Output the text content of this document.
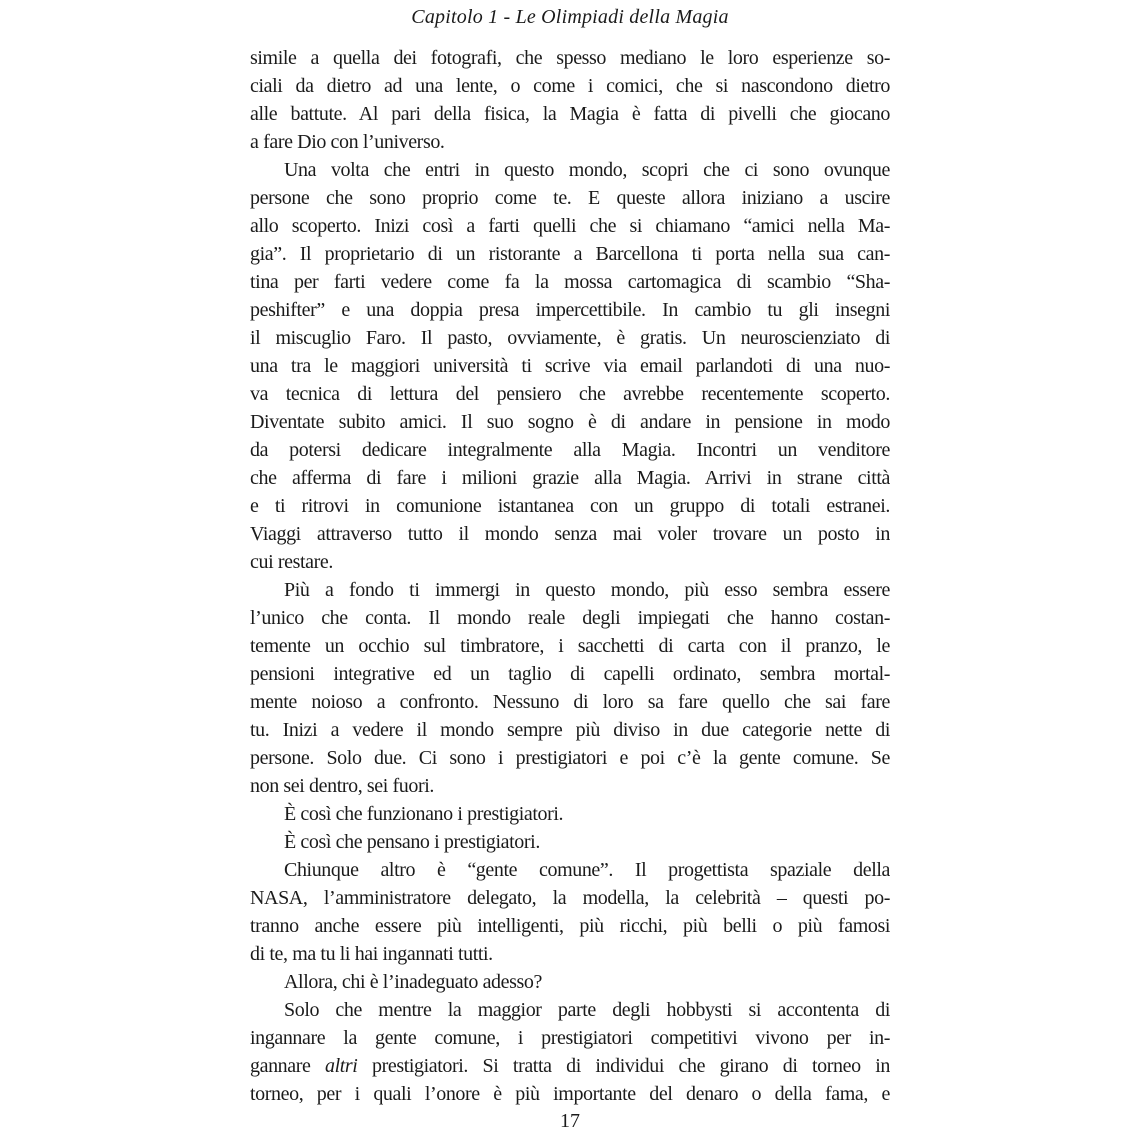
Capitolo 1 - Le Olimpiadi della Magia
simile a quella dei fotografi, che spesso mediano le loro esperienze so-
ciali da dietro ad una lente, o come i comici, che si nascondono dietro
alle battute. Al pari della fisica, la Magia è fatta di pivelli che giocano
a fare Dio con l’universo.
Una volta che entri in questo mondo, scopri che ci sono ovunque
persone che sono proprio come te. E queste allora iniziano a uscire
allo scoperto. Inizi così a farti quelli che si chiamano “amici nella Ma-
gia”. Il proprietario di un ristorante a Barcellona ti porta nella sua can-
tina per farti vedere come fa la mossa cartomagica di scambio “Sha-
peshifter” e una doppia presa impercettibile. In cambio tu gli insegni
il miscuglio Faro. Il pasto, ovviamente, è gratis. Un neuroscienziato di
una tra le maggiori università ti scrive via email parlandoti di una nuo-
va tecnica di lettura del pensiero che avrebbe recentemente scoperto.
Diventate subito amici. Il suo sogno è di andare in pensione in modo
da potersi dedicare integralmente alla Magia. Incontri un venditore
che afferma di fare i milioni grazie alla Magia. Arrivi in strane città
e ti ritrovi in comunione istantanea con un gruppo di totali estranei.
Viaggi attraverso tutto il mondo senza mai voler trovare un posto in
cui restare.
Più a fondo ti immergi in questo mondo, più esso sembra essere
l’unico che conta. Il mondo reale degli impiegati che hanno costan-
temente un occhio sul timbratore, i sacchetti di carta con il pranzo, le
pensioni integrative ed un taglio di capelli ordinato, sembra mortal-
mente noioso a confronto. Nessuno di loro sa fare quello che sai fare
tu. Inizi a vedere il mondo sempre più diviso in due categorie nette di
persone. Solo due. Ci sono i prestigiatori e poi c’è la gente comune. Se
non sei dentro, sei fuori.
È così che funzionano i prestigiatori.
È così che pensano i prestigiatori.
Chiunque altro è “gente comune”. Il progettista spaziale della
NASA, l’amministratore delegato, la modella, la celebrità – questi po-
tranno anche essere più intelligenti, più ricchi, più belli o più famosi
di te, ma tu li hai ingannati tutti.
Allora, chi è l’inadeguato adesso?
Solo che mentre la maggior parte degli hobbysti si accontenta di
ingannare la gente comune, i prestigiatori competitivi vivono per in-
gannare altri prestigiatori. Si tratta di individui che girano di torneo in
torneo, per i quali l’onore è più importante del denaro o della fama, e
17
